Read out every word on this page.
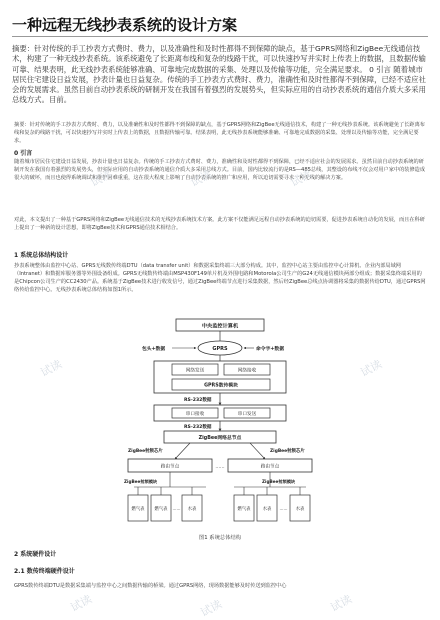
一种远程无线抄表系统的设计方案

摘要：针对传统的手工抄表方式费时、费力，以及准确性和及时性都得不到保障的缺点，基于GPRS网络和ZigBee无线通信技术，构建了一种无线抄表系统。该系统避免了长距离布线和复杂的线路干扰，可以快速抄写并实时上传表上的数据，且数据传输可靠、结果表明，此无线抄表系统能够准确、可靠地完成数据的采集、处理以及传输等功能，完全满足要求。 0 引言 随着城市居民住宅建设日益发展，抄表计量也日益复杂。传统的手工抄表方式费时、费力，准确性和及时性都得不到保障，已经不适应社会的发展需求。虽然目前自动抄表系统的研制开发在我国有着强烈的发展势头，但实际应用的自动抄表系统的通信介质大多采用总线方式。目前。

摘要：针对传统的手工抄表方式费时、费力，以及准确性和及时性都得不到保障的缺点，基于GPRS网络和ZigBee无线通信技术，构建了一种无线抄表系统。该系统避免了长距离布线和复杂的线路干扰，可以快速抄写并实时上传表上的数据，且数据传输可靠。结果表明，此无线抄表系统能够准确、可靠地完成数据的采集、处理以及传输等功能，完全满足要求。

0 引言

随着城市居民住宅建设日益发展，抄表计量也日益复杂。传统的手工抄表方式费时、费力，准确性和及时性都得不到保障，已经不适应社会的发展需求。虽然目前自动抄表系统的研制开发在我国有着强烈的发展势头，但实际应用的自动抄表系统的通信介质大多采用总线方式。目前，国内比较流行的是RS—485总线，其整设的布线不仅会对用户家中的装修造成很大的破坏，而且也使得系统调试和维护困难重重，这在很大程度上影响了自动抄表系统的推广和应用，所以迫切需要寻求一种无线的解决方案。

对此，本文提出了一种基于GPRS网络和ZigBee无线通信技术的无线抄表系统技术方案。此方案不仅能满足远程自动抄表系统的迫切需要，促进抄表系统自动化的发展，而且在科研上提出了一种新的设计思想，即将ZigBee技术和GPRS通信技术相结合。

1 系统总体结构设计

抄表系统整体由监控中心站、GPRS无线数传终端DTU（data transfer unit）和数据采集终端三大部分构成。其中，监控中心站主要由监控中心计算机、企业内部局域网（Intranet）和数据库服务器等外围设备组成。GPRS无线数传终端由MSP430F149单片机及外围电路和Motorola公司生产的G24无线通信模块两部分组成；数据采集终端采用的是Chipcon公司生产的CC2430产品。系统基于ZigBee技术进行收发信号，通过ZigBee终端节点进行采集数据，然后经ZigBee总线点协调器将采集的数据传给DTU，通过GPRS网络传给监控中心。无线抄表系统总体结构如图1所示。

中央监控计算机
包头+数据	命令字+数据
GPRS
网络发送	网络接收
GPRS数传模块
RS-232数据
串口接收	串口发送
RS-232数据
ZigBee网络总节点
ZigBee射频芯片	ZigBee射频芯片
路由节点	路由节点
……
ZigBee射频模块	ZigBee射频模块
燃气表 燃气表	水表
……	燃气表	水表	水表
……

图1 系统总体结构

2 系统硬件设计

2.1 数传终端硬件设计

GPRS数传终端DTU是数据采集端与监控中心之间数据传输的桥梁。通过GPRS网络，现场数据能够及时传送到监控中心

试读	试读	试读
试读	试读
试读	试读	试读
